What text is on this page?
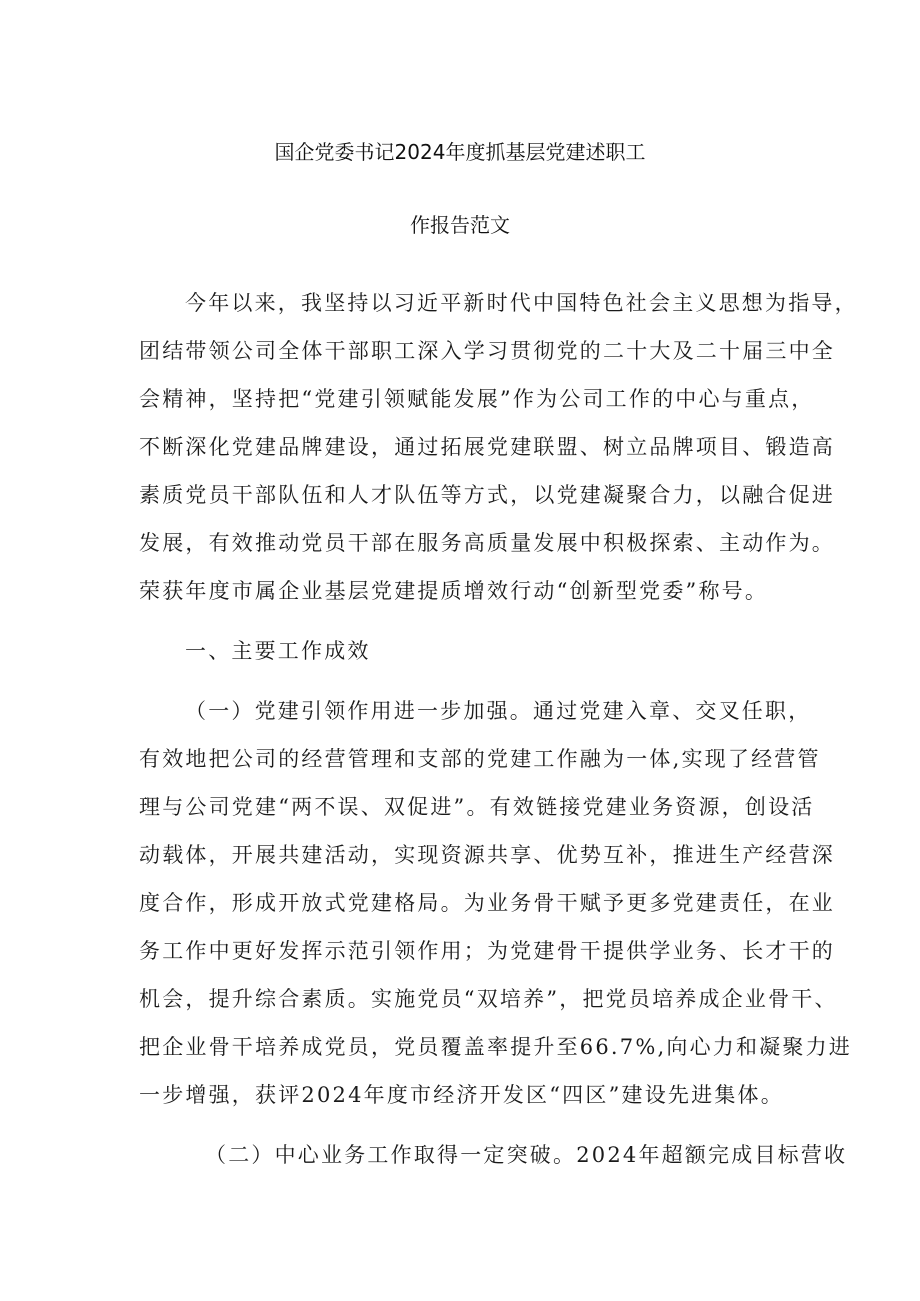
国企党委书记2024年度抓基层党建述职工
作报告范文
今年以来，我坚持以习近平新时代中国特色社会主义思想为指导，
团结带领公司全体干部职工深入学习贯彻党的二十大及二十届三中全
会精神，坚持把“党建引领赋能发展”作为公司工作的中心与重点，
不断深化党建品牌建设，通过拓展党建联盟、树立品牌项目、锻造高
素质党员干部队伍和人才队伍等方式，以党建凝聚合力，以融合促进
发展，有效推动党员干部在服务高质量发展中积极探索、主动作为。
荣获年度市属企业基层党建提质增效行动“创新型党委”称号。
一、主要工作成效
（一）党建引领作用进一步加强。通过党建入章、交叉任职，
有效地把公司的经营管理和支部的党建工作融为一体,实现了经营管
理与公司党建“两不误、双促进”。有效链接党建业务资源，创设活
动载体，开展共建活动，实现资源共享、优势互补，推进生产经营深
度合作，形成开放式党建格局。为业务骨干赋予更多党建责任，在业
务工作中更好发挥示范引领作用；为党建骨干提供学业务、长才干的
机会，提升综合素质。实施党员“双培养”，把党员培养成企业骨干、
把企业骨干培养成党员，党员覆盖率提升至66.7%,向心力和凝聚力进
一步增强，获评2024年度市经济开发区“四区”建设先进集体。
（二）中心业务工作取得一定突破。2024年超额完成目标营收
